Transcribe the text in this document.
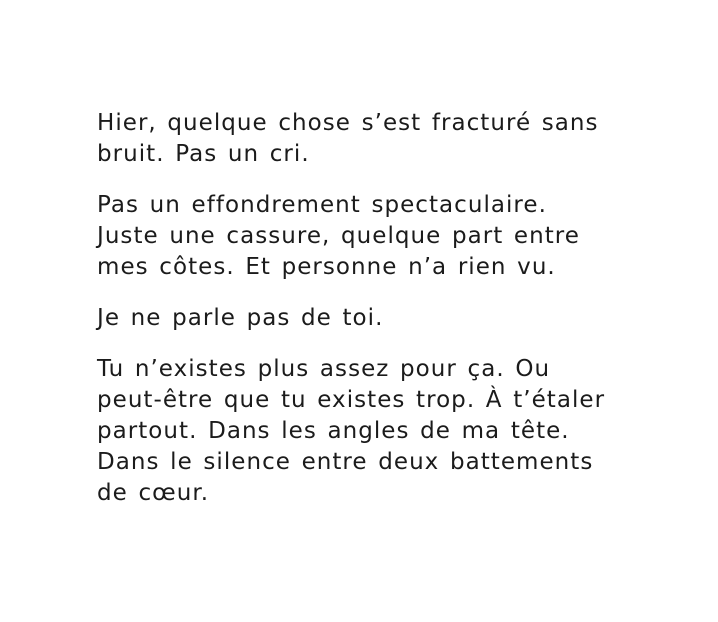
Hier, quelque chose s’est fracturé sans bruit. Pas un cri.

Pas un effondrement spectaculaire. Juste une cassure, quelque part entre mes côtes. Et personne n’a rien vu.

Je ne parle pas de toi.

Tu n’existes plus assez pour ça. Ou peut-être que tu existes trop. À t’étaler partout. Dans les angles de ma tête. Dans le silence entre deux battements de cœur.
